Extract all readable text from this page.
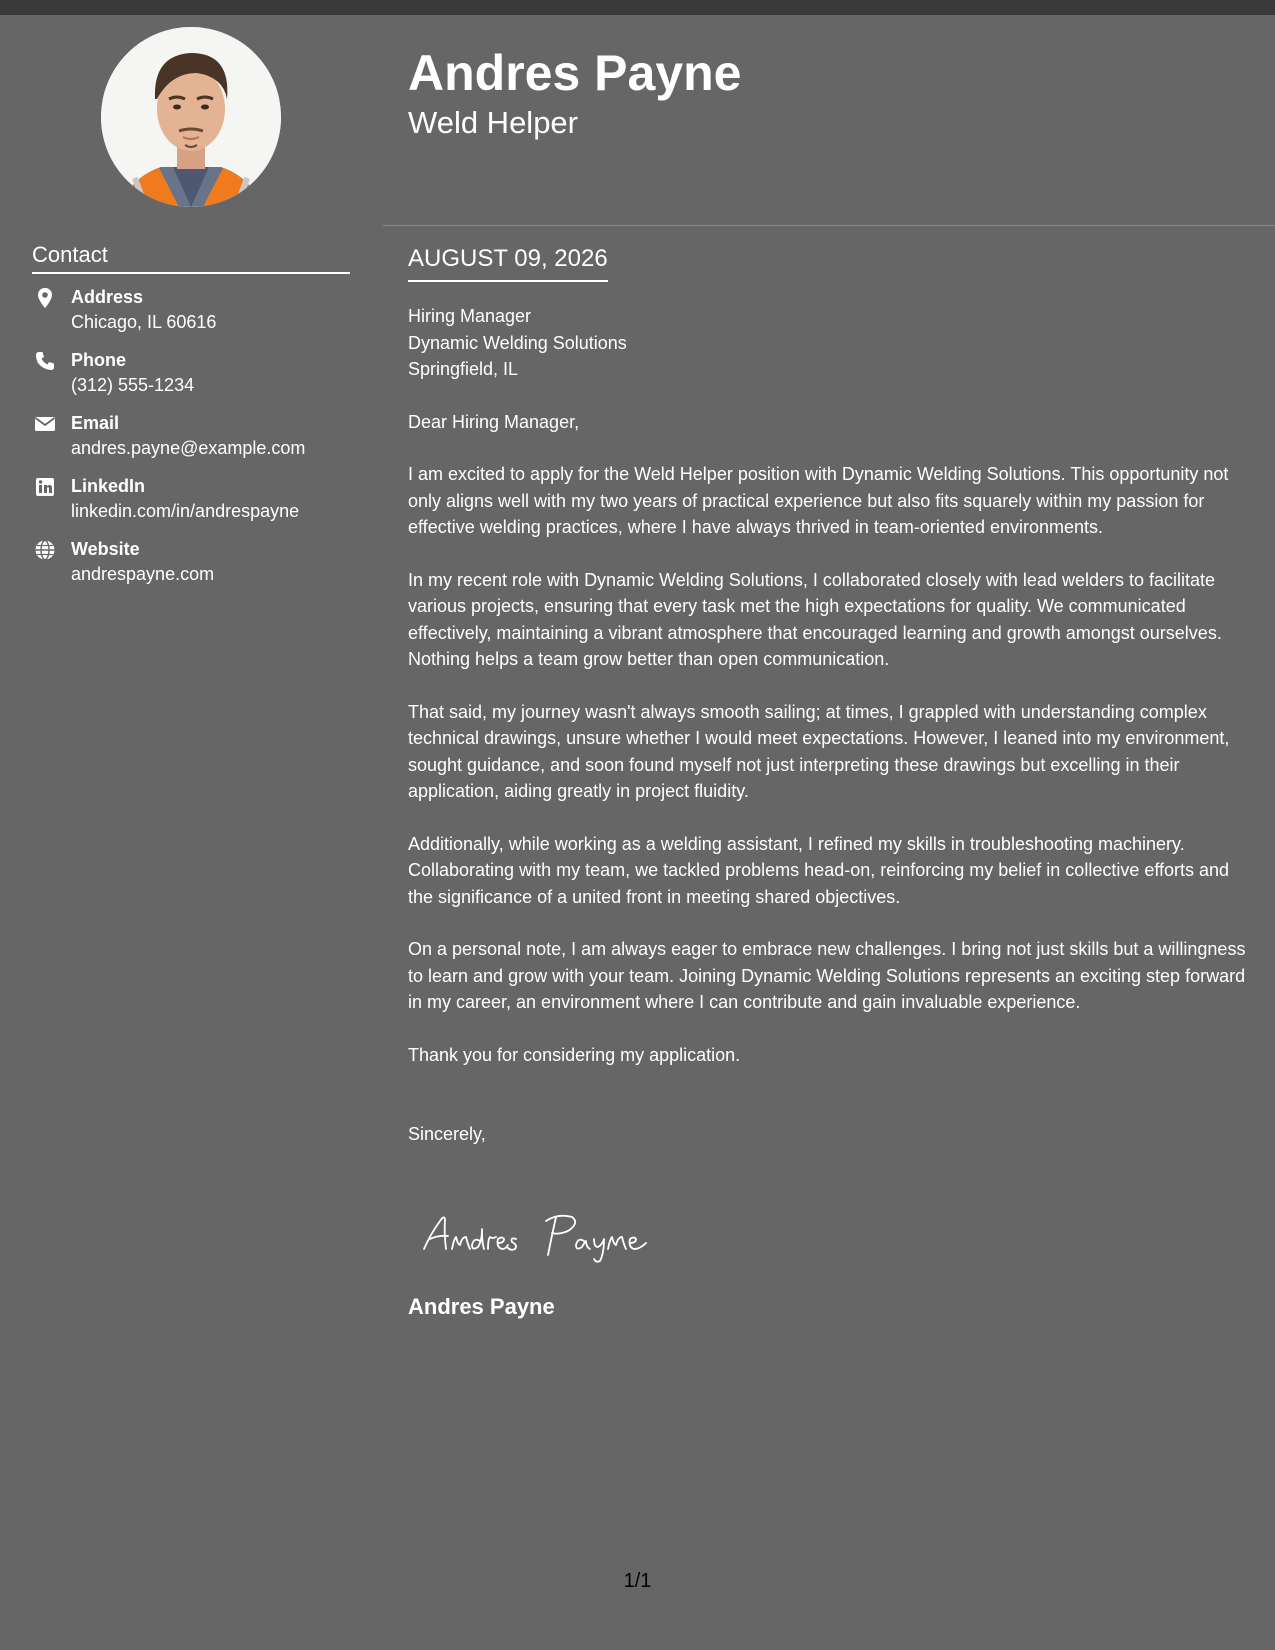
Contact
Address
Chicago, IL 60616
Phone
(312) 555-1234
Email
andres.payne@example.com
LinkedIn
linkedin.com/in/andrespayne
Website
andrespayne.com
Andres Payne
Weld Helper
AUGUST 09, 2026

Hiring Manager
Dynamic Welding Solutions
Springfield, IL

Dear Hiring Manager,

I am excited to apply for the Weld Helper position with Dynamic Welding Solutions. This opportunity not only aligns well with my two years of practical experience but also fits squarely within my passion for effective welding practices, where I have always thrived in team-oriented environments.

In my recent role with Dynamic Welding Solutions, I collaborated closely with lead welders to facilitate various projects, ensuring that every task met the high expectations for quality. We communicated effectively, maintaining a vibrant atmosphere that encouraged learning and growth amongst ourselves. Nothing helps a team grow better than open communication.

That said, my journey wasn't always smooth sailing; at times, I grappled with understanding complex technical drawings, unsure whether I would meet expectations. However, I leaned into my environment, sought guidance, and soon found myself not just interpreting these drawings but excelling in their application, aiding greatly in project fluidity.

Additionally, while working as a welding assistant, I refined my skills in troubleshooting machinery. Collaborating with my team, we tackled problems head-on, reinforcing my belief in collective efforts and the significance of a united front in meeting shared objectives.

On a personal note, I am always eager to embrace new challenges. I bring not just skills but a willingness to learn and grow with your team. Joining Dynamic Welding Solutions represents an exciting step forward in my career, an environment where I can contribute and gain invaluable experience.

Thank you for considering my application.

Sincerely,

Andres Payne
1/1
